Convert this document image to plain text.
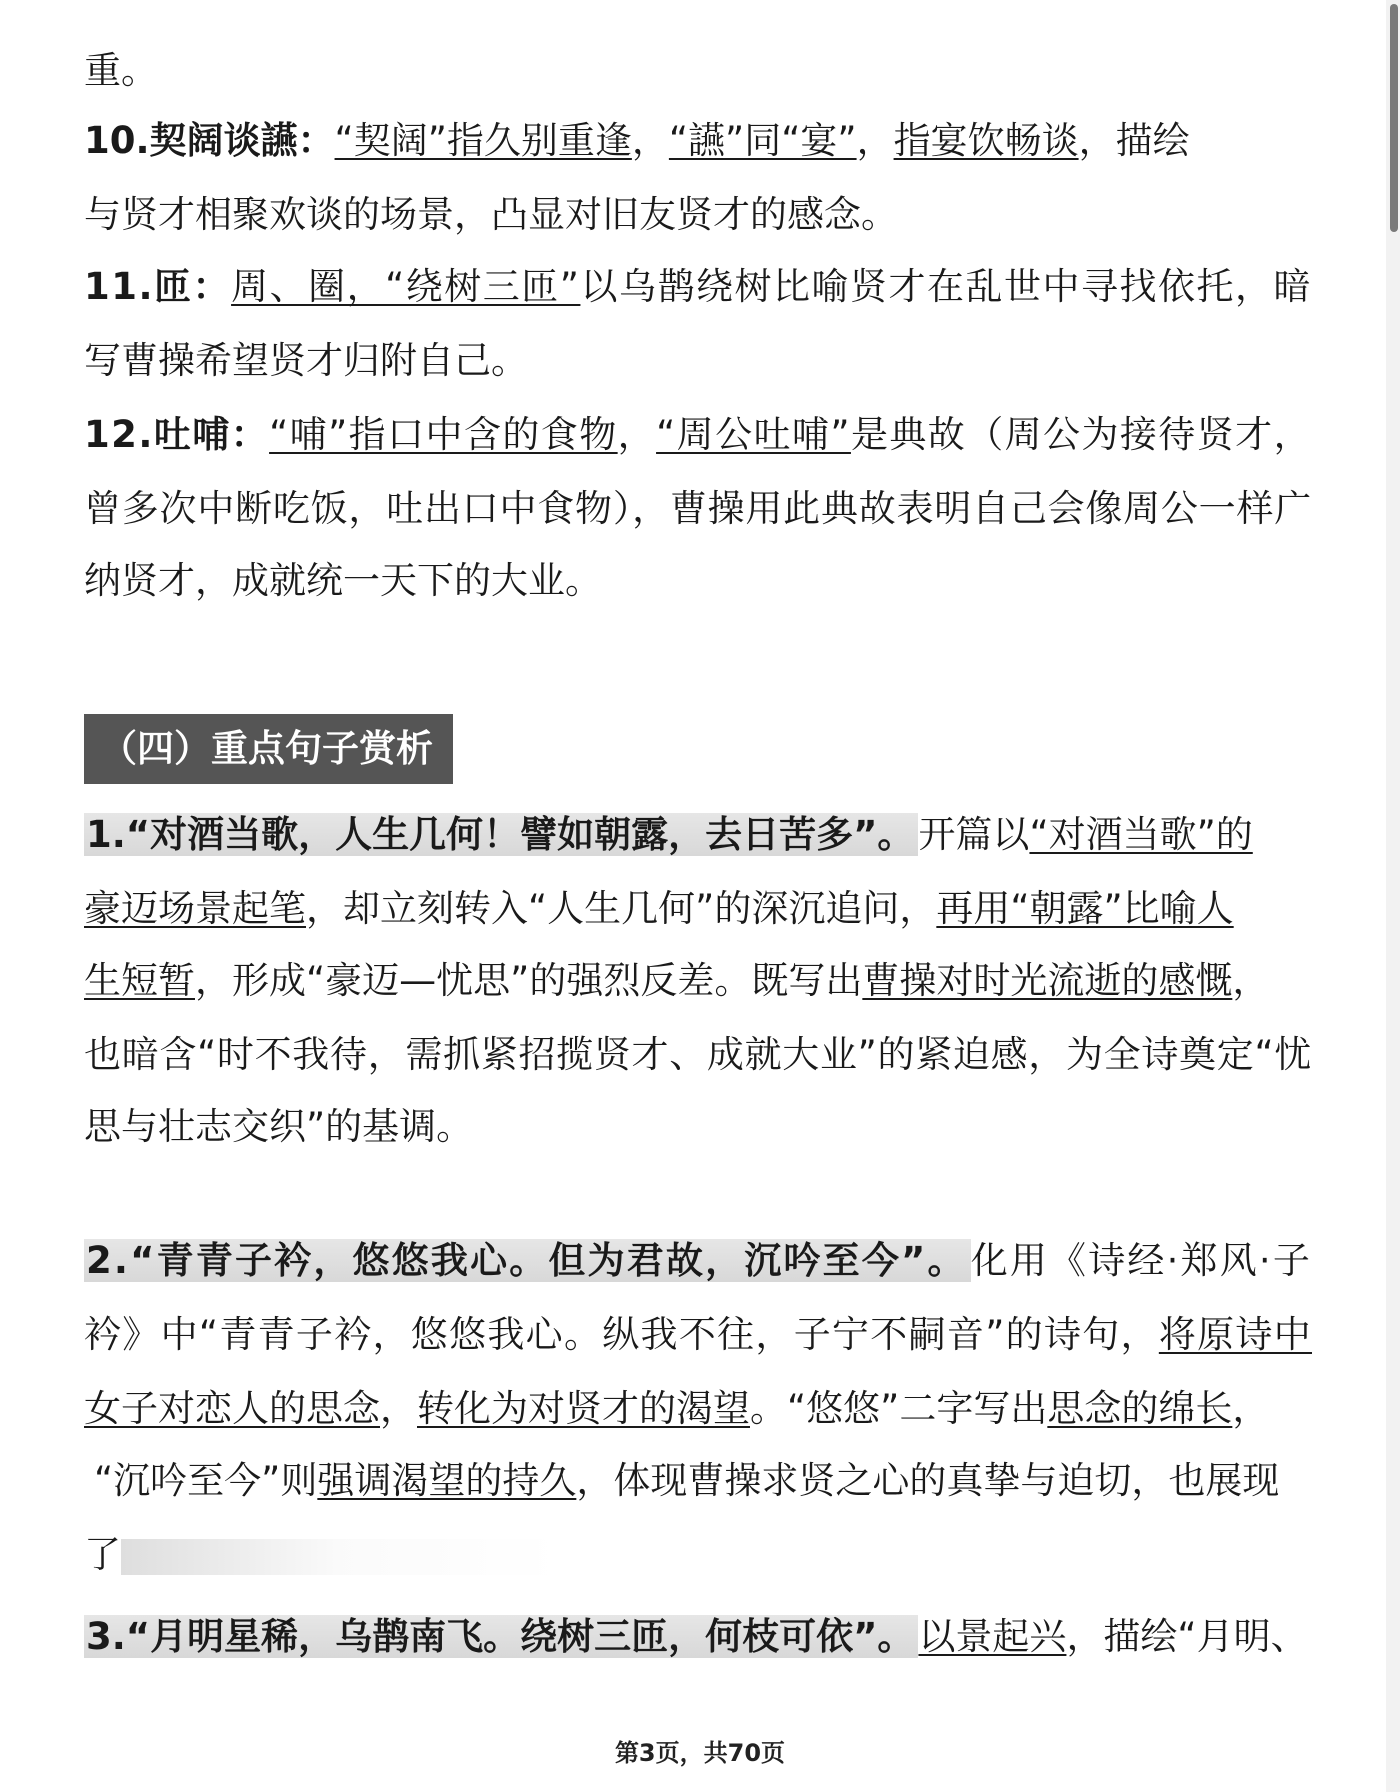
（四）重点句子赏析
重。
10.契阔谈讌：“契阔”指久别重逢，“讌”同“宴”，指宴饮畅谈，描绘
与贤才相聚欢谈的场景，凸显对旧友贤才的感念。
11.匝：周、圈，“绕树三匝”以乌鹊绕树比喻贤才在乱世中寻找依托，暗
写曹操希望贤才归附自己。
12.吐哺：“哺”指口中含的食物，“周公吐哺”是典故（周公为接待贤才，
曾多次中断吃饭，吐出口中食物），曹操用此典故表明自己会像周公一样广
纳贤才，成就统一天下的大业。
1.“对酒当歌，人生几何！譬如朝露，去日苦多”。 开篇以“对酒当歌”的
豪迈场景起笔，却立刻转入“人生几何”的深沉追问，再用“朝露”比喻人
生短暂，形成“豪迈—忧思”的强烈反差。既写出曹操对时光流逝的感慨，
也暗含“时不我待，需抓紧招揽贤才、成就大业”的紧迫感，为全诗奠定“忧
思与壮志交织”的基调。
2.“青青子衿，悠悠我心。但为君故，沉吟至今”。 化用《诗经·郑风·子
衿》中“青青子衿，悠悠我心。纵我不往，子宁不嗣音”的诗句，将原诗中
女子对恋人的思念，转化为对贤才的渴望。“悠悠”二字写出思念的绵长，
“沉吟至今”则强调渴望的持久，体现曹操求贤之心的真挚与迫切，也展现
了
3.“月明星稀，乌鹊南飞。绕树三匝，何枝可依”。 以景起兴，描绘“月明、
第3页，共70页
